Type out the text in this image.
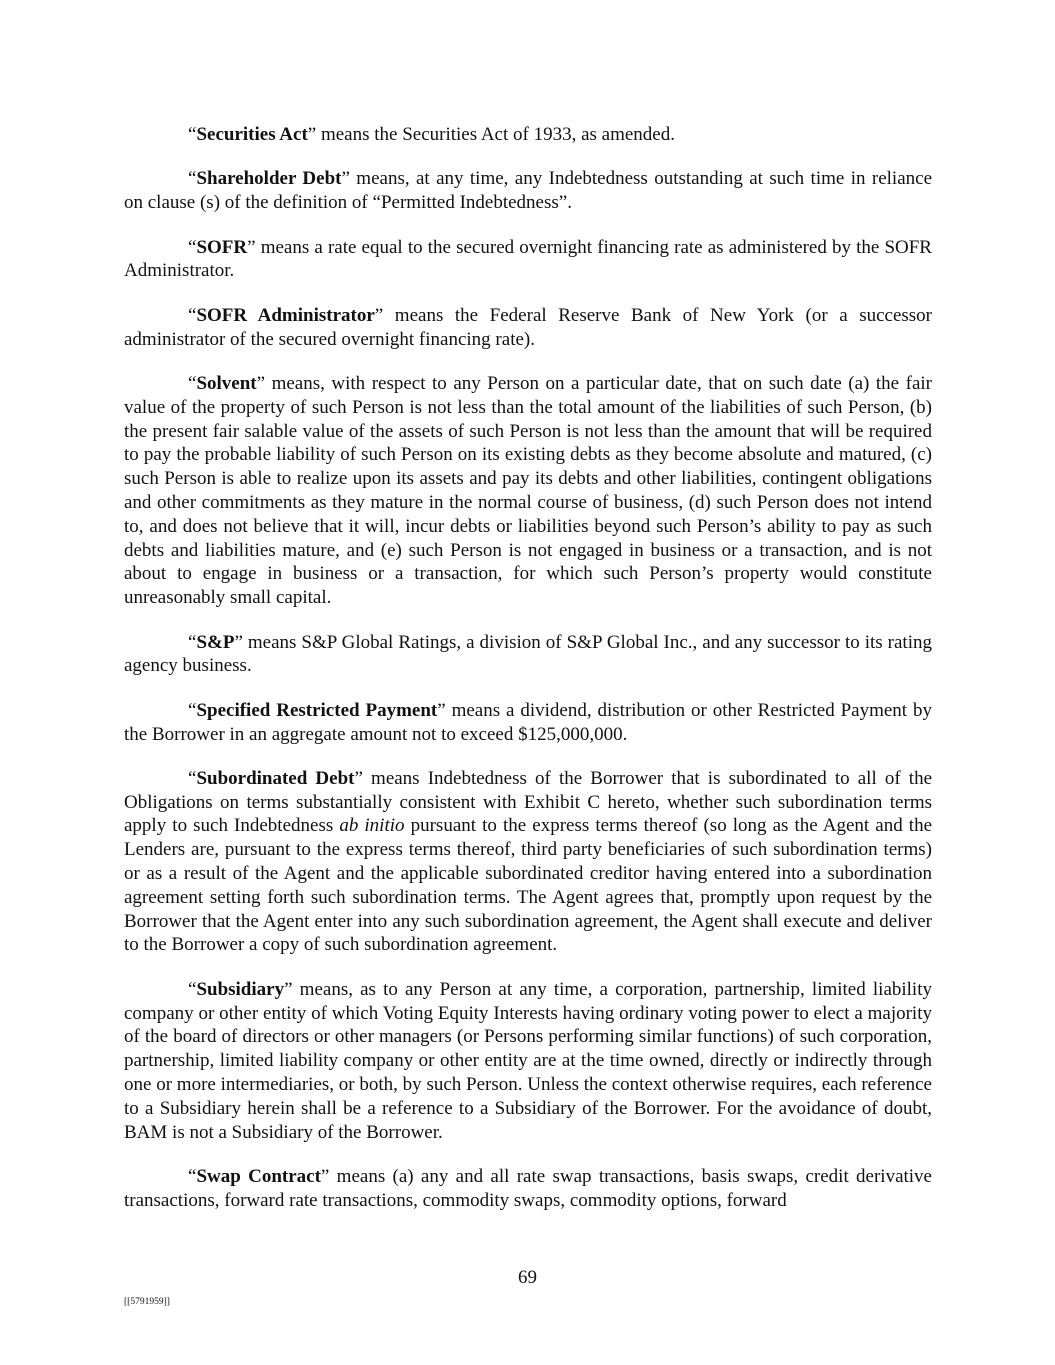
“Securities Act” means the Securities Act of 1933, as amended.

“Shareholder Debt” means, at any time, any Indebtedness outstanding at such time in reliance on clause (s) of the definition of “Permitted Indebtedness”.

“SOFR” means a rate equal to the secured overnight financing rate as administered by the SOFR Administrator.

“SOFR Administrator” means the Federal Reserve Bank of New York (or a successor administrator of the secured overnight financing rate).

“Solvent” means, with respect to any Person on a particular date, that on such date (a) the fair value of the property of such Person is not less than the total amount of the liabilities of such Person, (b) the present fair salable value of the assets of such Person is not less than the amount that will be required to pay the probable liability of such Person on its existing debts as they become absolute and matured, (c) such Person is able to realize upon its assets and pay its debts and other liabilities, contingent obligations and other commitments as they mature in the normal course of business, (d) such Person does not intend to, and does not believe that it will, incur debts or liabilities beyond such Person’s ability to pay as such debts and liabilities mature, and (e) such Person is not engaged in business or a transaction, and is not about to engage in business or a transaction, for which such Person’s property would constitute unreasonably small capital.

“S&P” means S&P Global Ratings, a division of S&P Global Inc., and any successor to its rating agency business.

“Specified Restricted Payment” means a dividend, distribution or other Restricted Payment by the Borrower in an aggregate amount not to exceed $125,000,000.

“Subordinated Debt” means Indebtedness of the Borrower that is subordinated to all of the Obligations on terms substantially consistent with Exhibit C hereto, whether such subordination terms apply to such Indebtedness ab initio pursuant to the express terms thereof (so long as the Agent and the Lenders are, pursuant to the express terms thereof, third party beneficiaries of such subordination terms) or as a result of the Agent and the applicable subordinated creditor having entered into a subordination agreement setting forth such subordination terms. The Agent agrees that, promptly upon request by the Borrower that the Agent enter into any such subordination agreement, the Agent shall execute and deliver to the Borrower a copy of such subordination agreement.

“Subsidiary” means, as to any Person at any time, a corporation, partnership, limited liability company or other entity of which Voting Equity Interests having ordinary voting power to elect a majority of the board of directors or other managers (or Persons performing similar functions) of such corporation, partnership, limited liability company or other entity are at the time owned, directly or indirectly through one or more intermediaries, or both, by such Person. Unless the context otherwise requires, each reference to a Subsidiary herein shall be a reference to a Subsidiary of the Borrower. For the avoidance of doubt, BAM is not a Subsidiary of the Borrower.

“Swap Contract” means (a) any and all rate swap transactions, basis swaps, credit derivative transactions, forward rate transactions, commodity swaps, commodity options, forward

69
[[5791959]]
